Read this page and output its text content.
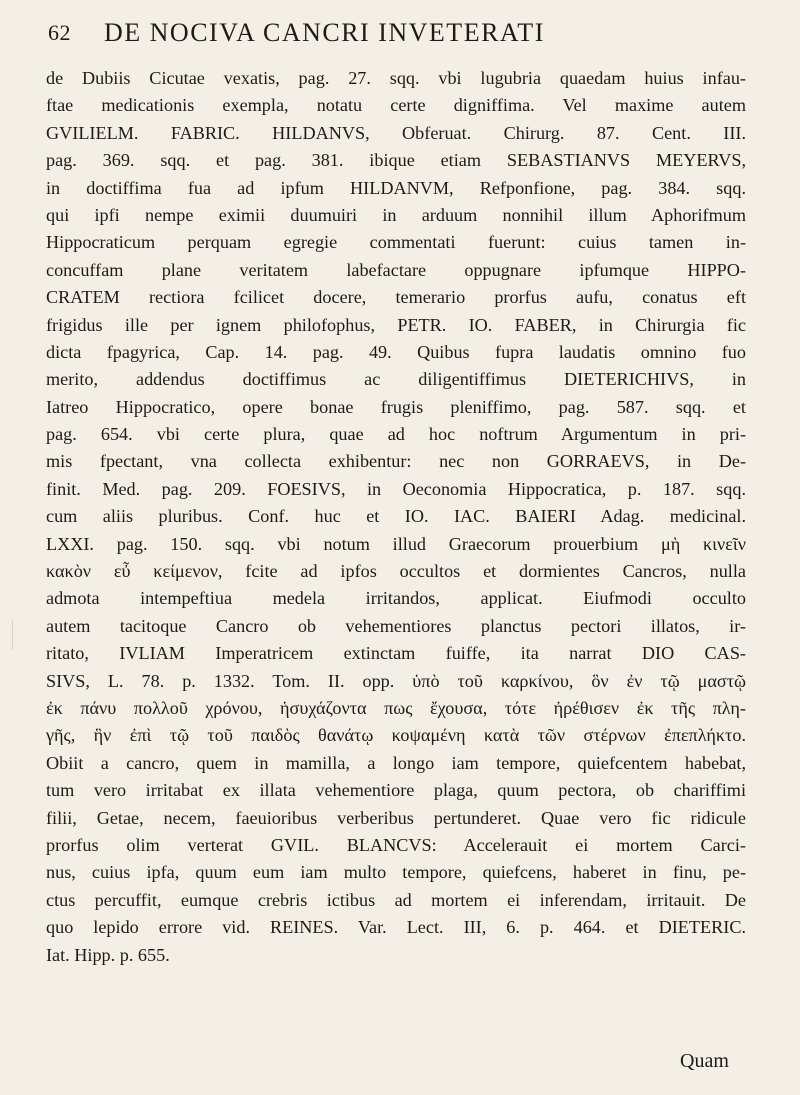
62 DE NOCIVA CANCRI INVETERATI
de Dubiis Cicutae vexatis, pag. 27. sqq. vbi lugubria quaedam huius infau-
ftae medicationis exempla, notatu certe digniffima. Vel maxime autem
GVILIELM. FABRIC. HILDANVS, Obferuat. Chirurg. 87. Cent. III.
pag. 369. sqq. et pag. 381. ibique etiam SEBASTIANVS MEYERVS,
in doctiffima fua ad ipfum HILDANVM, Refponfione, pag. 384. sqq.
qui ipfi nempe eximii duumuiri in arduum nonnihil illum Aphorifmum
Hippocraticum perquam egregie commentati fuerunt: cuius tamen in-
concuffam plane veritatem labefactare oppugnare ipfumque HIPPO-
CRATEM rectiora fcilicet docere, temerario prorfus aufu, conatus eft
frigidus ille per ignem philofophus, PETR. IO. FABER, in Chirurgia fic
dicta fpagyrica, Cap. 14. pag. 49. Quibus fupra laudatis omnino fuo
merito, addendus doctiffimus ac diligentiffimus DIETERICHIVS, in
Iatreo Hippocratico, opere bonae frugis pleniffimo, pag. 587. sqq. et
pag. 654. vbi certe plura, quae ad hoc noftrum Argumentum in pri-
mis fpectant, vna collecta exhibentur: nec non GORRAEVS, in De-
finit. Med. pag. 209. FOESIVS, in Oeconomia Hippocratica, p. 187. sqq.
cum aliis pluribus. Conf. huc et IO. IAC. BAIERI Adag. medicinal.
LXXI. pag. 150. sqq. vbi notum illud Graecorum prouerbium μὴ κινεῖν
κακὸν εὖ κείμενον, fcite ad ipfos occultos et dormientes Cancros, nulla
admota intempeftiua medela irritandos, applicat. Eiufmodi occulto
autem tacitoque Cancro ob vehementiores planctus pectori illatos, ir-
ritato, IVLIAM Imperatricem extinctam fuiffe, ita narrat DIO CAS-
SIVS, L. 78. p. 1332. Tom. II. opp. ὑπὸ τοῦ καρκίνου, ὃν ἐν τῷ μαστῷ
ἐκ πάνυ πολλοῦ χρόνου, ἡσυχάζοντα πως ἔχουσα, τότε ἠρέθισεν ἐκ τῆς πλη-
γῆς, ἣν ἐπὶ τῷ τοῦ παιδὸς θανάτῳ κοψαμένη κατὰ τῶν στέρνων ἐπεπλήκτο.
Obiit a cancro, quem in mamilla, a longo iam tempore, quiefcentem habebat,
tum vero irritabat ex illata vehementiore plaga, quum pectora, ob chariffimi
filii, Getae, necem, faeuioribus verberibus pertunderet. Quae vero fic ridicule
prorfus olim verterat GVIL. BLANCVS: Accelerauit ei mortem Carci-
nus, cuius ipfa, quum eum iam multo tempore, quiefcens, haberet in finu, pe-
ctus percuffit, eumque crebris ictibus ad mortem ei inferendam, irritauit. De
quo lepido errore vid. REINES. Var. Lect. III, 6. p. 464. et DIETERIC.
Iat. Hipp. p. 655.
Quam
